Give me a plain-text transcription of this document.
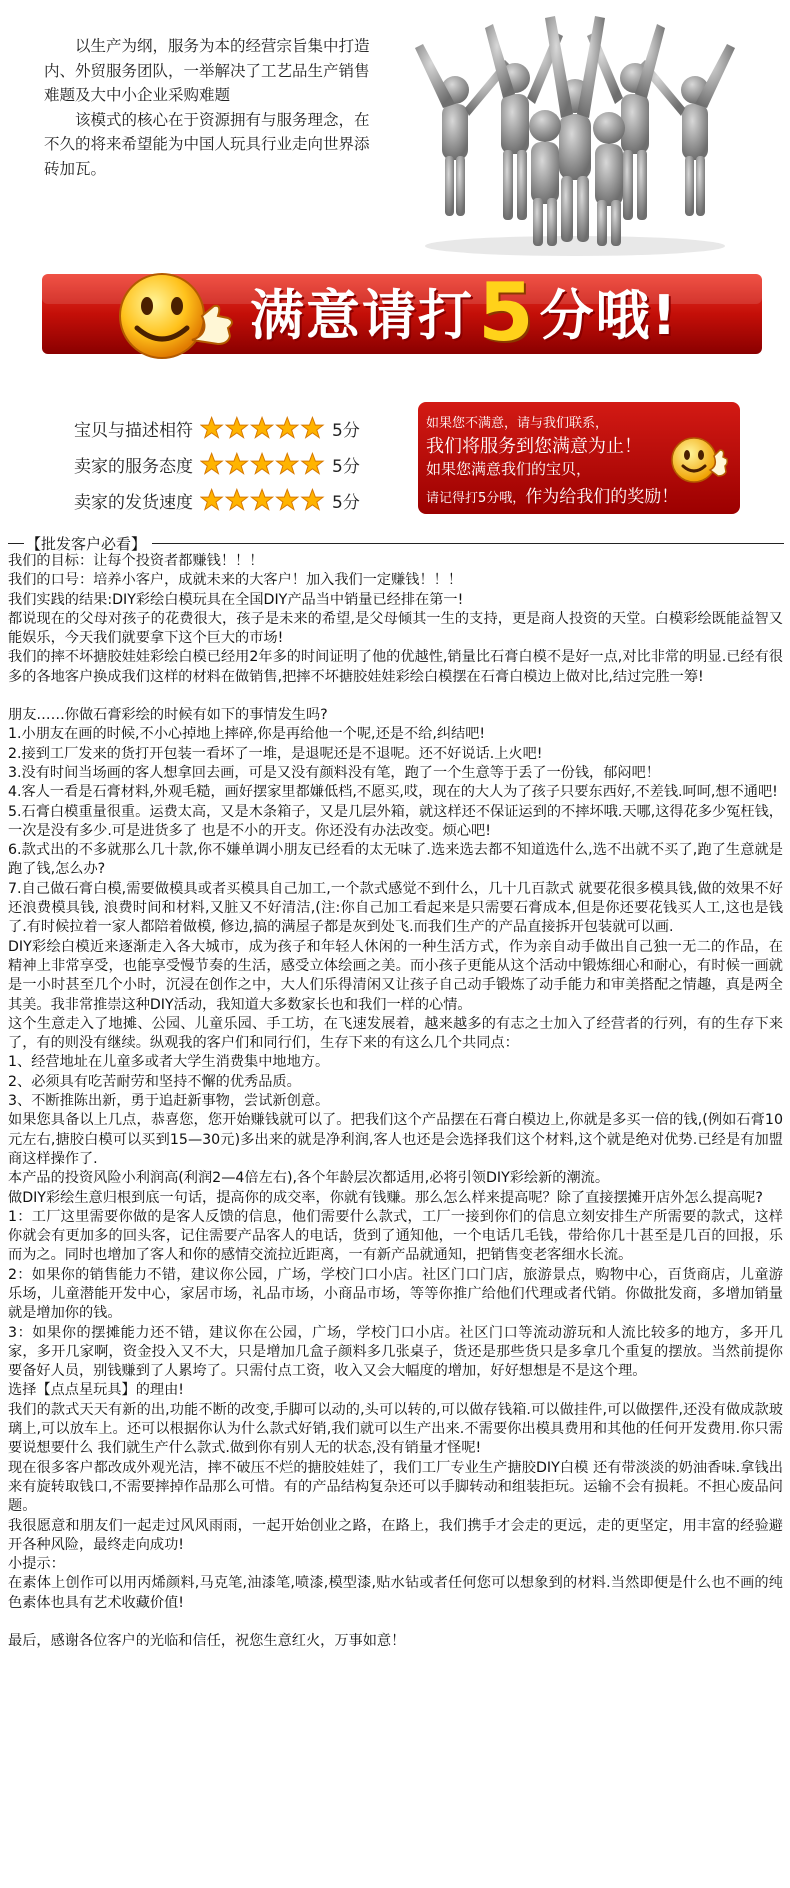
以生产为纲，服务为本的经营宗旨集中打造内、外贸服务团队，一举解决了工艺品生产销售难题及大中小企业采购难题

该模式的核心在于资源拥有与服务理念，在不久的将来希望能为中国人玩具行业走向世界添砖加瓦。

满意请打5分哦!
宝贝与描述相符	5分
卖家的服务态度	5分
卖家的发货速度	5分
如果您不满意，请与我们联系，
我们将服务到您满意为止！
如果您满意我们的宝贝，
请记得打5分哦，作为给我们的奖励！
【批发客户必看】

我们的目标：让每个投资者都赚钱！！！

我们的口号：培养小客户，成就未来的大客户！加入我们一定赚钱！！！

我们实践的结果:DIY彩绘白模玩具在全国DIY产品当中销量已经排在第一!

都说现在的父母对孩子的花费很大，孩子是未来的希望,是父母倾其一生的支持，更是商人投资的天堂。白模彩绘既能益智又能娱乐，今天我们就要拿下这个巨大的市场!

我们的摔不坏搪胶娃娃彩绘白模已经用2年多的时间证明了他的优越性,销量比石膏白模不是好一点,对比非常的明显.已经有很多的各地客户换成我们这样的材料在做销售,把摔不坏搪胶娃娃彩绘白模摆在石膏白模边上做对比,结过完胜一筹!

朋友……你做石膏彩绘的时候有如下的事情发生吗?

1.小朋友在画的时候,不小心掉地上摔碎,你是再给他一个呢,还是不给,纠结吧!

2.接到工厂发来的货打开包装一看坏了一堆，是退呢还是不退呢。还不好说话.上火吧!

3.没有时间当场画的客人想拿回去画，可是又没有颜料没有笔，跑了一个生意等于丢了一份钱，郁闷吧！

4.客人一看是石膏材料,外观毛糙，画好摆家里都嫌低档,不愿买,哎，现在的大人为了孩子只要东西好,不差钱.呵呵,想不通吧!

5.石膏白模重量很重。运费太高，又是木条箱子，又是几层外箱，就这样还不保证运到的不摔坏哦.天哪,这得花多少冤枉钱，一次是没有多少.可是进货多了 也是不小的开支。你还没有办法改变。烦心吧!

6.款式出的不多就那么几十款,你不嫌单调小朋友已经看的太无味了.选来选去都不知道选什么,选不出就不买了,跑了生意就是跑了钱,怎么办?

7.自己做石膏白模,需要做模具或者买模具自己加工,一个款式感觉不到什么，几十几百款式 就要花很多模具钱,做的效果不好还浪费模具钱, 浪费时间和材料,又脏又不好清洁,(注:你自己加工看起来是只需要石膏成本,但是你还要花钱买人工,这也是钱了.有时候拉着一家人都陪着做模, 修边,搞的满屋子都是灰到处飞.而我们生产的产品直接拆开包装就可以画.

DIY彩绘白模近来逐渐走入各大城市，成为孩子和年轻人休闲的一种生活方式，作为亲自动手做出自己独一无二的作品，在精神上非常享受，也能享受慢节奏的生活，感受立体绘画之美。而小孩子更能从这个活动中锻炼细心和耐心，有时候一画就是一小时甚至几个小时，沉浸在创作之中，大人们乐得清闲又让孩子自己动手锻炼了动手能力和审美搭配之情趣，真是两全其美。我非常推崇这种DIY活动，我知道大多数家长也和我们一样的心情。

这个生意走入了地摊、公园、儿童乐园、手工坊，在飞速发展着，越来越多的有志之士加入了经营者的行列，有的生存下来了，有的则没有继续。纵观我的客户们和同行们，生存下来的有这么几个共同点：

1、经营地址在儿童多或者大学生消费集中地地方。

2、必须具有吃苦耐劳和坚持不懈的优秀品质。

3、不断推陈出新，勇于追赶新事物，尝试新创意。

如果您具备以上几点，恭喜您，您开始赚钱就可以了。把我们这个产品摆在石膏白模边上,你就是多买一倍的钱,(例如石膏10元左右,搪胶白模可以买到15—30元)多出来的就是净利润,客人也还是会选择我们这个材料,这个就是绝对优势.已经是有加盟商这样操作了.

本产品的投资风险小利润高(利润2—4倍左右),各个年龄层次都适用,必将引领DIY彩绘新的潮流。

做DIY彩绘生意归根到底一句话，提高你的成交率，你就有钱赚。那么怎么样来提高呢？除了直接摆摊开店外怎么提高呢?

1：工厂这里需要你做的是客人反馈的信息，他们需要什么款式，工厂一接到你们的信息立刻安排生产所需要的款式，这样你就会有更加多的回头客，记住需要产品客人的电话，货到了通知他，一个电话几毛钱，带给你几十甚至是几百的回报，乐而为之。同时也增加了客人和你的感情交流拉近距离，一有新产品就通知，把销售变老客细水长流。

2：如果你的销售能力不错，建议你公园，广场，学校门口小店。社区门口门店，旅游景点，购物中心，百货商店，儿童游乐场，儿童潜能开发中心，家居市场，礼品市场，小商品市场，等等你推广给他们代理或者代销。你做批发商，多增加销量就是增加你的钱。

3：如果你的摆摊能力还不错，建议你在公园，广场，学校门口小店。社区门口等流动游玩和人流比较多的地方，多开几家，多开几家啊，资金投入又不大，只是增加几盒子颜料多几张桌子，货还是那些货只是多拿几个重复的摆放。当然前提你要备好人员，别钱赚到了人累垮了。只需付点工资，收入又会大幅度的增加，好好想想是不是这个理。

选择【点点星玩具】的理由!

我们的款式天天有新的出,功能不断的改变,手脚可以动的,头可以转的,可以做存钱箱.可以做挂件,可以做摆件,还没有做成款玻璃上,可以放车上。还可以根据你认为什么款式好销,我们就可以生产出来.不需要你出模具费用和其他的任何开发费用.你只需要说想要什么 我们就生产什么款式.做到你有别人无的状态,没有销量才怪呢!

现在很多客户都改成外观光洁，摔不破压不烂的搪胶娃娃了，我们工厂专业生产搪胶DIY白模 还有带淡淡的奶油香味.拿钱出来有旋转取钱口,不需要摔掉作品那么可惜。有的产品结构复杂还可以手脚转动和组装拒玩。运输不会有损耗。不担心废品问题。

我很愿意和朋友们一起走过风风雨雨，一起开始创业之路，在路上，我们携手才会走的更远，走的更坚定，用丰富的经验避开各种风险，最终走向成功!

小提示：

在素体上创作可以用丙烯颜料,马克笔,油漆笔,喷漆,模型漆,贴水钻或者任何您可以想象到的材料.当然即便是什么也不画的纯色素体也具有艺术收藏价值!

最后，感谢各位客户的光临和信任，祝您生意红火，万事如意！
